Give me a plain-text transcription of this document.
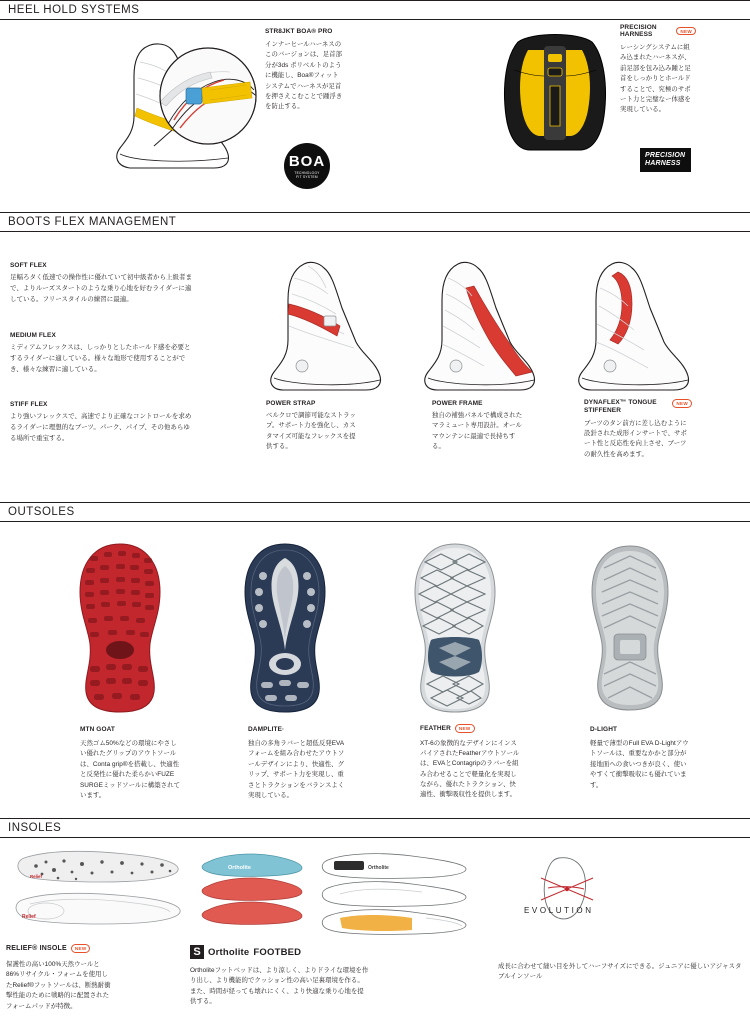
HEEL HOLD SYSTEMS
STR8JKT BOA® PRO
インナーヒールハーネスのこのバージョンは、足首部分が3ds ポリベルトのように機能し、Boa®フィットシステムでハーネスが足首を押さえこむことで踵浮きを防止する。
BOA
TECHNOLOGY
FIT SYSTEM
PRECISION HARNESS	NEW
レーシングシステムに組み込まれたハーネスが、前足部を包み込み踵と足首をしっかりとホールドすることで、究極のサポート力と完璧なー体感を実現している。
PRECISION
HARNESS
BOOTS FLEX MANAGEMENT
SOFT FLEX
足幅ろタく低速での操作性に優れていて初中級者から上級者まで、よりルーズスタートのような乗り心地を好むライダーに適している。フリースタイルの練習に最適。
MEDIUM FLEX
ミディアムフレックスは、しっかりとしたホールド感を必要とするライダーに適している。様々な地形で使用することができ、様々な練習に適している。
STIFF FLEX
より強いフレックスで、高速でより正確なコントロールを求めるライダーに理想的なブーツ。パーク、パイプ、その他あらゆる場所で重宝する。
POWER STRAP
ベルクロで調節可能なストラップ。サポート力を強化し、カスタマイズ可能なフレックスを提供する。
POWER FRAME
独自の補強パネルで構成されたマラミュート専用設計。オールマウンテンに最適で長持ちする。
DYNAFLEX™ TONGUE STIFFENER
NEW
ブーツのタン前方に差し込むように設針された成形インサートで、サポート性と反応性を向上させ、ブーツの耐久性を高めます。
OUTSOLES
MTN GOAT
天然ゴム50%などの環境にやさしい優れたグリップのアウトソールは、Conta grip®を搭載し、快適性と反発性に優れた柔らかいFUZE SURGEミッドソールに構築されています。
DAMPLITE·
独自の多角ラバーと超低反発EVAフォームを組み合わせたアウトソールデザインにより、快適性、グリップ、サポート力を実現し、重さとトラクションをバランスよく実現している。
FEATHER	NEW
XT-6の象徴的なデザインにインスパイアされたFeatherアウトソールは、EVAとContagripのラバーを組み合わせることで軽量化を実現しながら、優れたトラクション、快適性、衝撃吸収性を提供します。
D-LIGHT
軽量で薄型のFull EVA D-Lightアウトソールは、重要なかかと部分が接地面への食いつきが良く、使いやすくて衝撃吸収にも優れています。
INSOLES
Relief
Relief
RELIEF® INSOLE	NEW
保護性の高い100%天然ウールと86%リサイクル・フォームを使用したRelief®フットソールは、断熱耐衝撃性能のために戦略的に配置されたフォームパッドが特徴。
Ortholite	Ortholite
S Ortholite FOOTBED
Ortholiteフットベッドは、より涼しく、よりドライな環境を作り出し、より機能的でクッション性の高い足裏環境を作る。また、時間が経っても壊れにくく、より快適な乗り心地を提供する。
EVOLUTION
成長に合わせて縫い目を外してハーフサイズにできる。ジュニアに優しいアジャスタブルインソール
